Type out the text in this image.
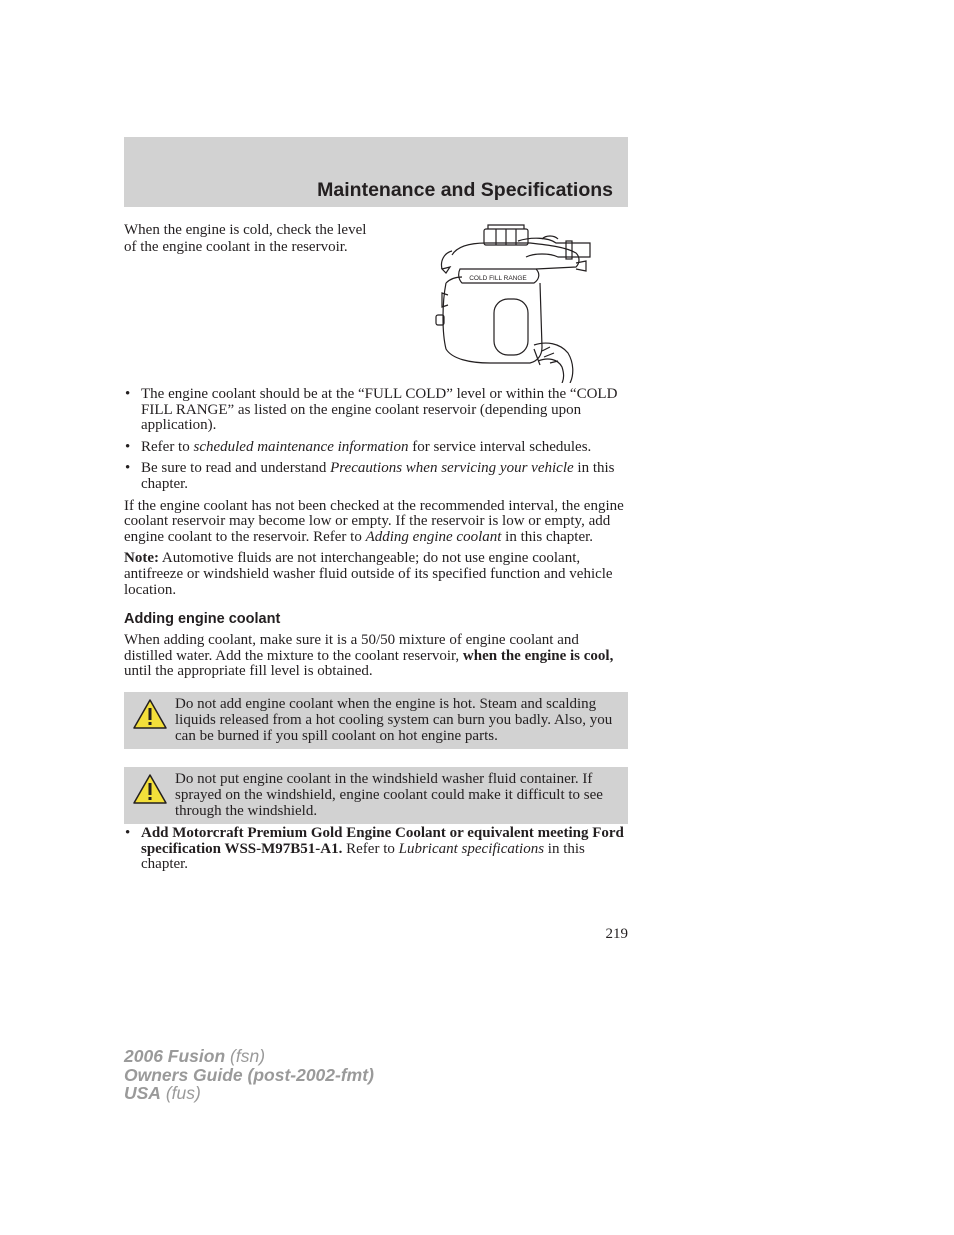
Maintenance and Specifications

When the engine is cold, check the level of the engine coolant in the reservoir.

COLD FILL RANGE
• The engine coolant should be at the “FULL COLD” level or within the “COLD FILL RANGE” as listed on the engine coolant reservoir (depending upon application).
• Refer to scheduled maintenance information for service interval schedules.
• Be sure to read and understand Precautions when servicing your vehicle in this chapter.

If the engine coolant has not been checked at the recommended interval, the engine coolant reservoir may become low or empty. If the reservoir is low or empty, add engine coolant to the reservoir. Refer to Adding engine coolant in this chapter.

Note: Automotive fluids are not interchangeable; do not use engine coolant, antifreeze or windshield washer fluid outside of its specified function and vehicle location.

Adding engine coolant

When adding coolant, make sure it is a 50/50 mixture of engine coolant and distilled water. Add the mixture to the coolant reservoir, when the engine is cool, until the appropriate fill level is obtained.

Do not add engine coolant when the engine is hot. Steam and scalding liquids released from a hot cooling system can burn you badly. Also, you can be burned if you spill coolant on hot engine parts.

Do not put engine coolant in the windshield washer fluid container. If sprayed on the windshield, engine coolant could make it difficult to see through the windshield.

• Add Motorcraft Premium Gold Engine Coolant or equivalent meeting Ford specification WSS-M97B51-A1. Refer to Lubricant specifications in this chapter.
219
2006 Fusion (fsn)
Owners Guide (post-2002-fmt)
USA (fus)
